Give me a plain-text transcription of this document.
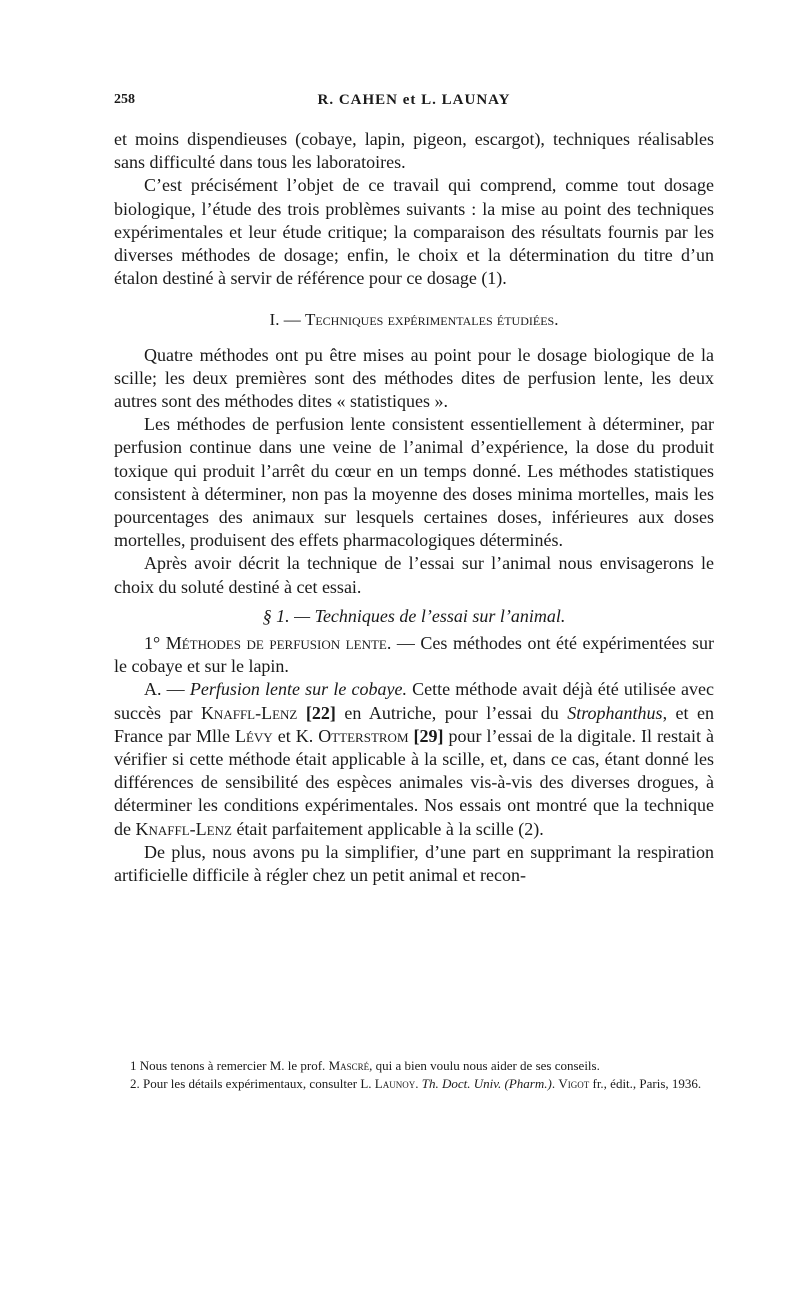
258	R. CAHEN et L. LAUNAY

et moins dispendieuses (cobaye, lapin, pigeon, escargot), techniques réalisables sans difficulté dans tous les laboratoires.

C’est précisément l’objet de ce travail qui comprend, comme tout dosage biologique, l’étude des trois problèmes suivants : la mise au point des techniques expérimentales et leur étude critique; la comparaison des résultats fournis par les diverses méthodes de dosage; enfin, le choix et la détermination du titre d’un étalon destiné à servir de référence pour ce dosage (1).

I. — Techniques expérimentales étudiées.

Quatre méthodes ont pu être mises au point pour le dosage biologique de la scille; les deux premières sont des méthodes dites de perfusion lente, les deux autres sont des méthodes dites « statistiques ».

Les méthodes de perfusion lente consistent essentiellement à déterminer, par perfusion continue dans une veine de l’animal d’expérience, la dose du produit toxique qui produit l’arrêt du cœur en un temps donné. Les méthodes statistiques consistent à déterminer, non pas la moyenne des doses minima mortelles, mais les pourcentages des animaux sur lesquels certaines doses, inférieures aux doses mortelles, produisent des effets pharmacologiques déterminés.

Après avoir décrit la technique de l’essai sur l’animal nous envisagerons le choix du soluté destiné à cet essai.

§ 1. — Techniques de l’essai sur l’animal.

1° Méthodes de perfusion lente. — Ces méthodes ont été expérimentées sur le cobaye et sur le lapin.

A. — Perfusion lente sur le cobaye. Cette méthode avait déjà été utilisée avec succès par Knaffl-Lenz [22] en Autriche, pour l’essai du Strophanthus, et en France par Mlle Lévy et K. Otterstrom [29] pour l’essai de la digitale. Il restait à vérifier si cette méthode était applicable à la scille, et, dans ce cas, étant donné les différences de sensibilité des espèces animales vis-à-vis des diverses drogues, à déterminer les conditions expérimentales. Nos essais ont montré que la technique de Knaffl-Lenz était parfaitement applicable à la scille (2).

De plus, nous avons pu la simplifier, d’une part en supprimant la respiration artificielle difficile à régler chez un petit animal et recon-

1 Nous tenons à remercier M. le prof. Mascré, qui a bien voulu nous aider de ses conseils.

2. Pour les détails expérimentaux, consulter L. Launoy. Th. Doct. Univ. (Pharm.). Vigot fr., édit., Paris, 1936.
